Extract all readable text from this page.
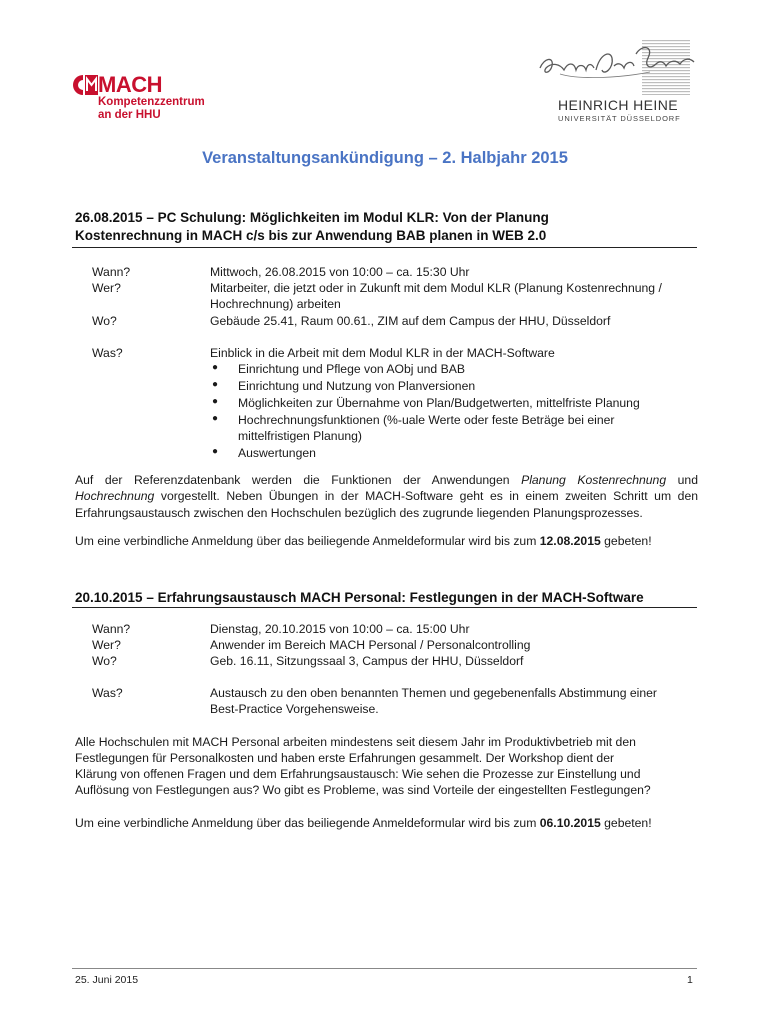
MACH
Kompetenzzentrum
an der HHU
HEINRICH HEINE
UNIVERSITÄT DÜSSELDORF
Veranstaltungsankündigung – 2. Halbjahr 2015
26.08.2015 – PC Schulung: Möglichkeiten im Modul KLR: Von der Planung
Kostenrechnung in MACH c/s bis zur Anwendung BAB planen in WEB 2.0
Wann?	Mittwoch, 26.08.2015 von 10:00 – ca. 15:30 Uhr
Wer?	Mitarbeiter, die jetzt oder in Zukunft mit dem Modul KLR (Planung Kostenrechnung /
Hochrechnung) arbeiten
Wo?	Gebäude 25.41, Raum 00.61., ZIM auf dem Campus der HHU, Düsseldorf
Was?	Einblick in die Arbeit mit dem Modul KLR in der MACH-Software
● Einrichtung und Pflege von AObj und BAB
● Einrichtung und Nutzung von Planversionen
● Möglichkeiten zur Übernahme von Plan/Budgetwerten, mittelfriste Planung
● Hochrechnungsfunktionen (%-uale Werte oder feste Beträge bei einer
mittelfristigen Planung)
● Auswertungen
Auf der Referenzdatenbank werden die Funktionen der Anwendungen Planung Kostenrechnung und
Hochrechnung vorgestellt. Neben Übungen in der MACH-Software geht es in einem zweiten Schritt um den
Erfahrungsaustausch zwischen den Hochschulen bezüglich des zugrunde liegenden Planungsprozesses.
Um eine verbindliche Anmeldung über das beiliegende Anmeldeformular wird bis zum 12.08.2015 gebeten!
20.10.2015 – Erfahrungsaustausch MACH Personal: Festlegungen in der MACH-Software
Wann?	Dienstag, 20.10.2015 von 10:00 – ca. 15:00 Uhr
Wer?	Anwender im Bereich MACH Personal / Personalcontrolling
Wo?	Geb. 16.11, Sitzungssaal 3, Campus der HHU, Düsseldorf
Was?	Austausch zu den oben benannten Themen und gegebenenfalls Abstimmung einer
Best-Practice Vorgehensweise.
Alle Hochschulen mit MACH Personal arbeiten mindestens seit diesem Jahr im Produktivbetrieb mit den
Festlegungen für Personalkosten und haben erste Erfahrungen gesammelt. Der Workshop dient der
Klärung von offenen Fragen und dem Erfahrungsaustausch: Wie sehen die Prozesse zur Einstellung und
Auflösung von Festlegungen aus? Wo gibt es Probleme, was sind Vorteile der eingestellten Festlegungen?
Um eine verbindliche Anmeldung über das beiliegende Anmeldeformular wird bis zum 06.10.2015 gebeten!
25. Juni 2015	1
